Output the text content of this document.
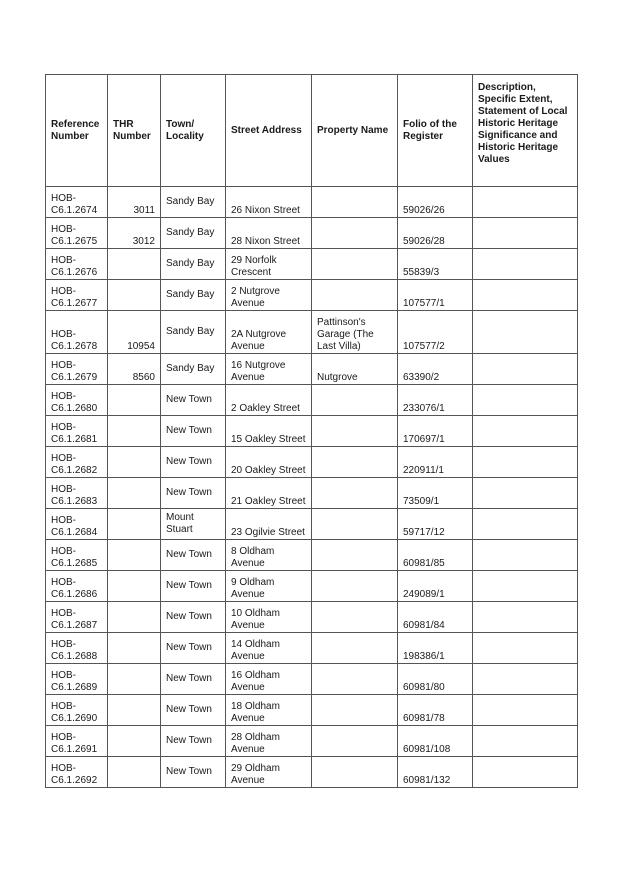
Reference Number	THR Number	Town/ Locality	Street Address	Property Name	Folio of the Register	Description, Specific Extent, Statement of Local Historic Heritage Significance and Historic Heritage Values
HOB-C6.1.2674	3011	Sandy Bay	26 Nixon Street		59026/26	
HOB-C6.1.2675	3012	Sandy Bay	28 Nixon Street		59026/28	
HOB-C6.1.2676		Sandy Bay	29 Norfolk Crescent		55839/3	
HOB-C6.1.2677		Sandy Bay	2 Nutgrove Avenue		107577/1	
HOB-C6.1.2678	10954	Sandy Bay	2A Nutgrove Avenue	Pattinson's Garage (The Last Villa)	107577/2	
HOB-C6.1.2679	8560	Sandy Bay	16 Nutgrove Avenue	Nutgrove	63390/2	
HOB-C6.1.2680		New Town	2 Oakley Street		233076/1	
HOB-C6.1.2681		New Town	15 Oakley Street		170697/1	
HOB-C6.1.2682		New Town	20 Oakley Street		220911/1	
HOB-C6.1.2683		New Town	21 Oakley Street		73509/1	
HOB-C6.1.2684		Mount Stuart	23 Ogilvie Street		59717/12	
HOB-C6.1.2685		New Town	8 Oldham Avenue		60981/85	
HOB-C6.1.2686		New Town	9 Oldham Avenue		249089/1	
HOB-C6.1.2687		New Town	10 Oldham Avenue		60981/84	
HOB-C6.1.2688		New Town	14 Oldham Avenue		198386/1	
HOB-C6.1.2689		New Town	16 Oldham Avenue		60981/80	
HOB-C6.1.2690		New Town	18 Oldham Avenue		60981/78	
HOB-C6.1.2691		New Town	28 Oldham Avenue		60981/108	
HOB-C6.1.2692		New Town	29 Oldham Avenue		60981/132	
